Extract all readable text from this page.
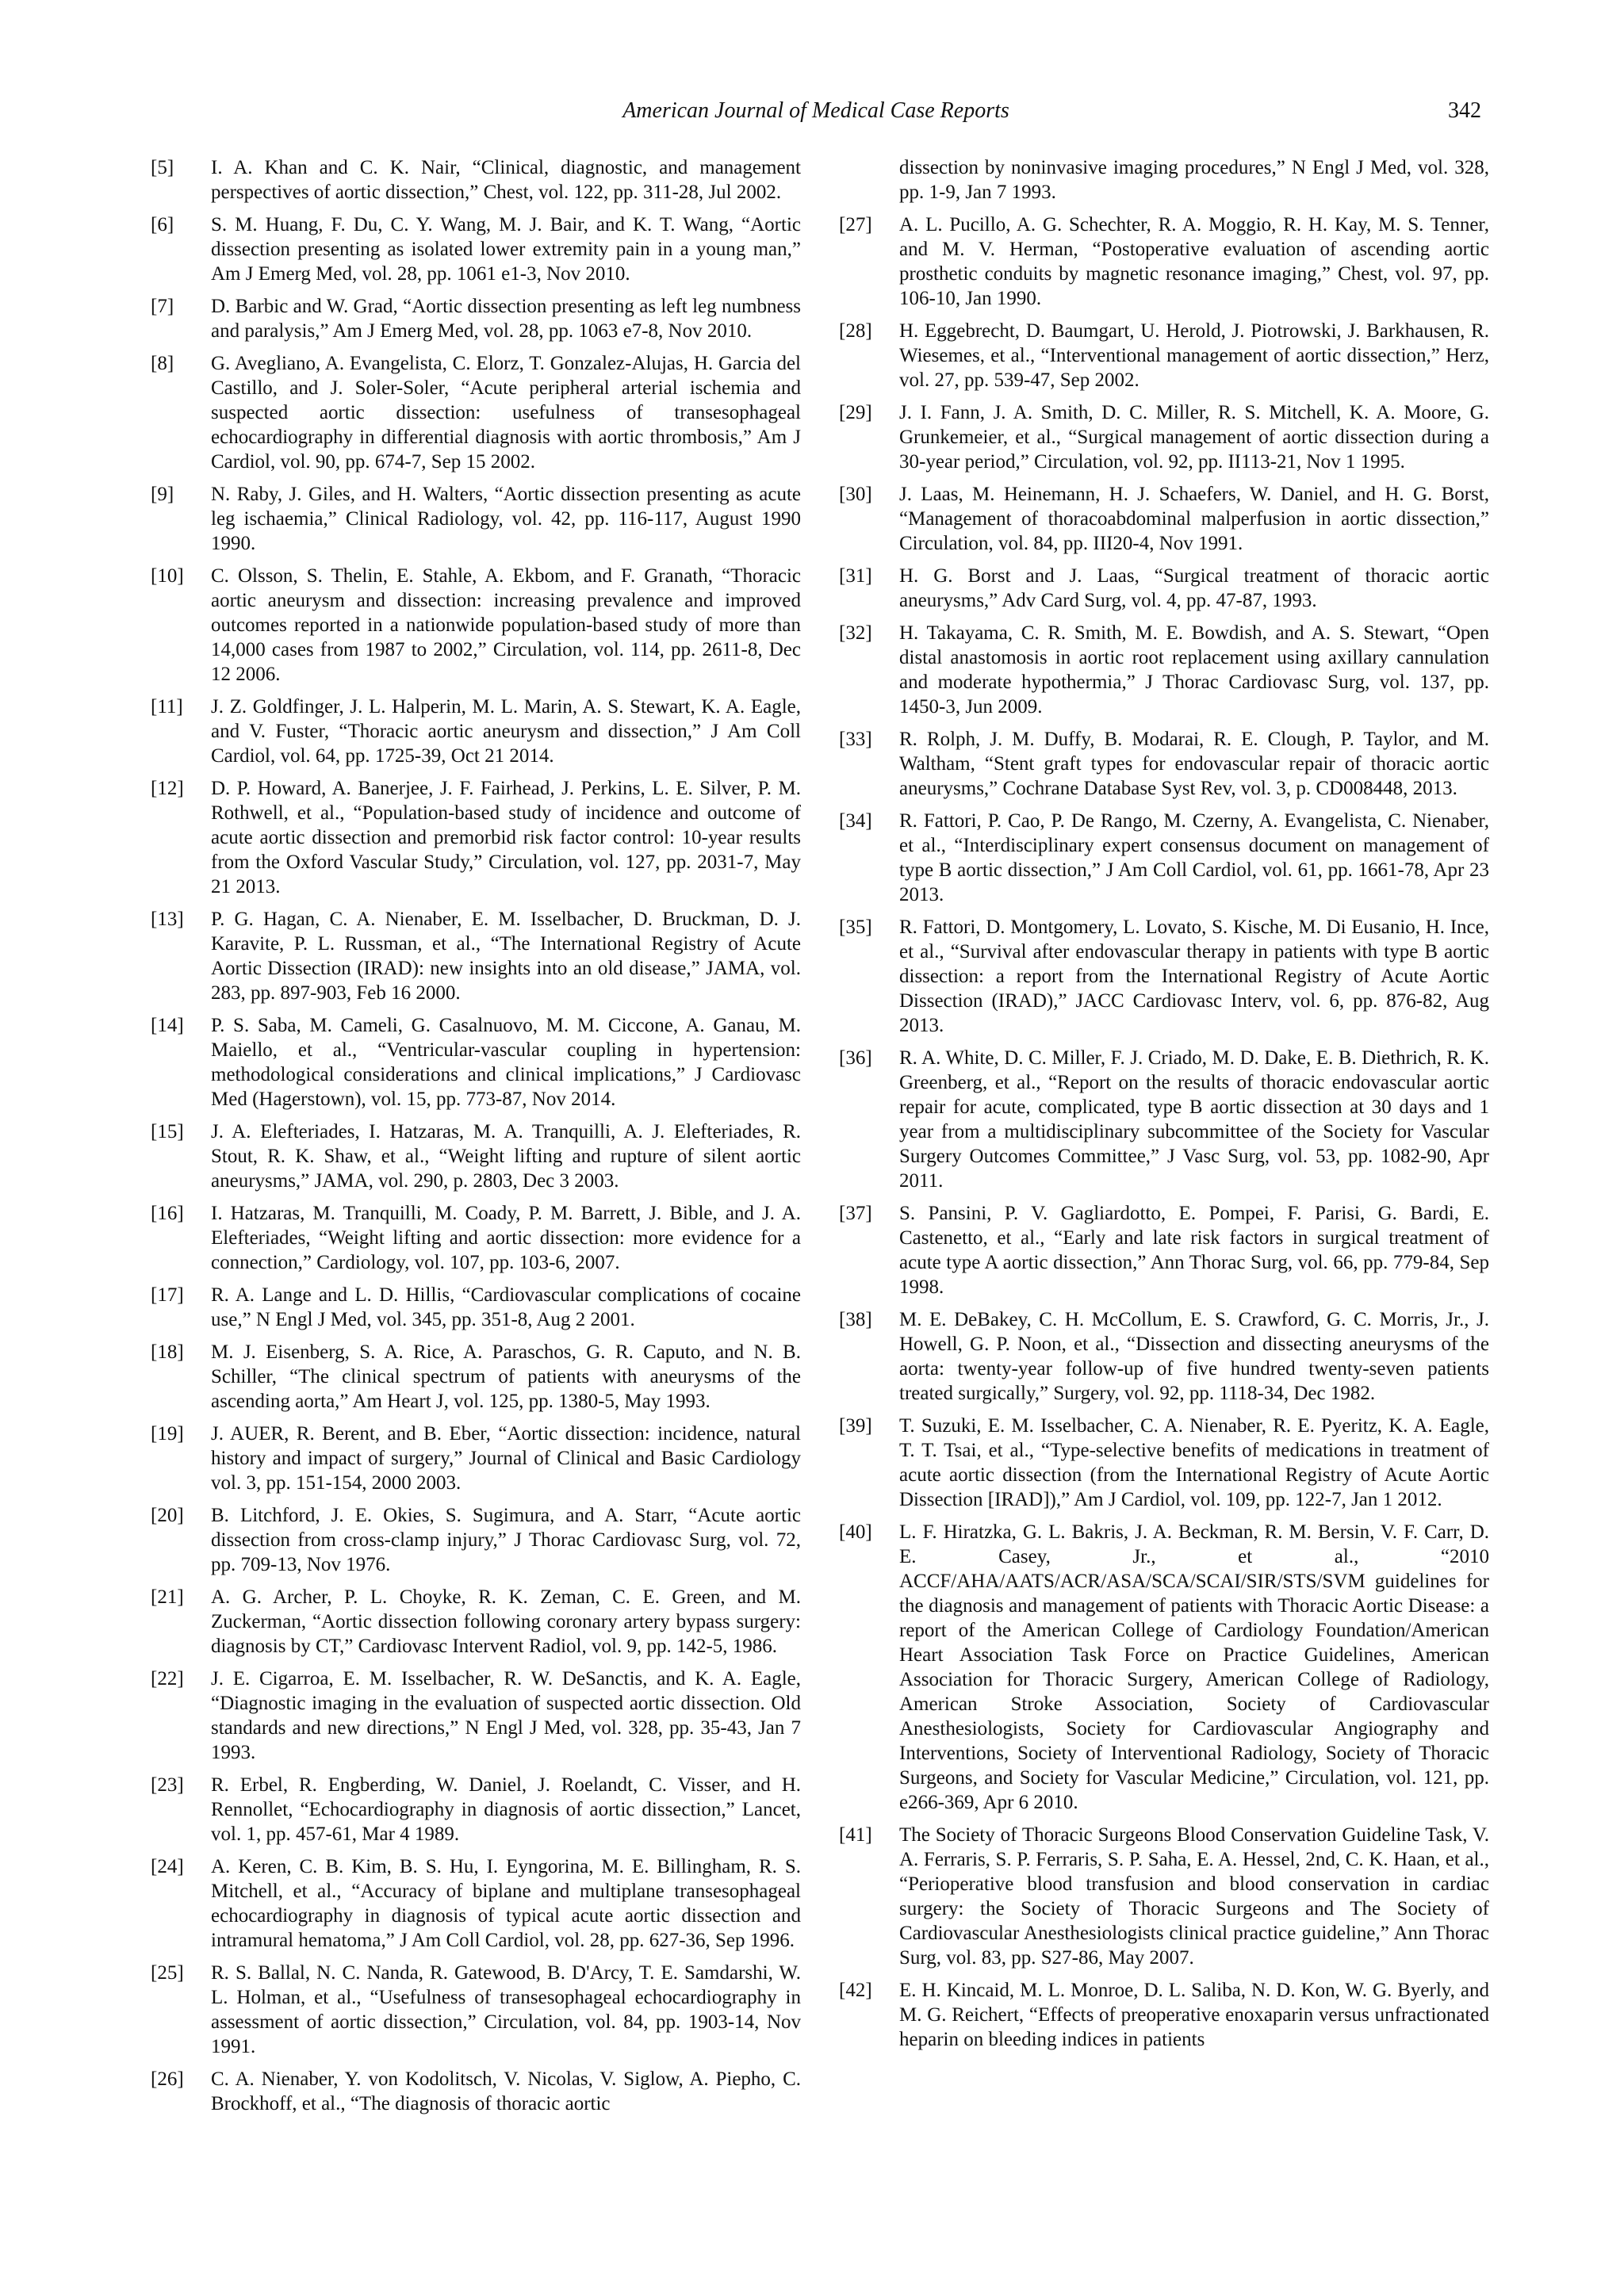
American Journal of Medical Case Reports	342
[5] I. A. Khan and C. K. Nair, “Clinical, diagnostic, and management perspectives of aortic dissection,” Chest, vol. 122, pp. 311-28, Jul 2002.
[6] S. M. Huang, F. Du, C. Y. Wang, M. J. Bair, and K. T. Wang, “Aortic dissection presenting as isolated lower extremity pain in a young man,” Am J Emerg Med, vol. 28, pp. 1061 e1-3, Nov 2010.
[7] D. Barbic and W. Grad, “Aortic dissection presenting as left leg numbness and paralysis,” Am J Emerg Med, vol. 28, pp. 1063 e7-8, Nov 2010.
[8] G. Avegliano, A. Evangelista, C. Elorz, T. Gonzalez-Alujas, H. Garcia del Castillo, and J. Soler-Soler, “Acute peripheral arterial ischemia and suspected aortic dissection: usefulness of transesophageal echocardiography in differential diagnosis with aortic thrombosis,” Am J Cardiol, vol. 90, pp. 674-7, Sep 15 2002.
[9] N. Raby, J. Giles, and H. Walters, “Aortic dissection presenting as acute leg ischaemia,” Clinical Radiology, vol. 42, pp. 116-117, August 1990 1990.
[10] C. Olsson, S. Thelin, E. Stahle, A. Ekbom, and F. Granath, “Thoracic aortic aneurysm and dissection: increasing prevalence and improved outcomes reported in a nationwide population-based study of more than 14,000 cases from 1987 to 2002,” Circulation, vol. 114, pp. 2611-8, Dec 12 2006.
[11] J. Z. Goldfinger, J. L. Halperin, M. L. Marin, A. S. Stewart, K. A. Eagle, and V. Fuster, “Thoracic aortic aneurysm and dissection,” J Am Coll Cardiol, vol. 64, pp. 1725-39, Oct 21 2014.
[12] D. P. Howard, A. Banerjee, J. F. Fairhead, J. Perkins, L. E. Silver, P. M. Rothwell, et al., “Population-based study of incidence and outcome of acute aortic dissection and premorbid risk factor control: 10-year results from the Oxford Vascular Study,” Circulation, vol. 127, pp. 2031-7, May 21 2013.
[13] P. G. Hagan, C. A. Nienaber, E. M. Isselbacher, D. Bruckman, D. J. Karavite, P. L. Russman, et al., “The International Registry of Acute Aortic Dissection (IRAD): new insights into an old disease,” JAMA, vol. 283, pp. 897-903, Feb 16 2000.
[14] P. S. Saba, M. Cameli, G. Casalnuovo, M. M. Ciccone, A. Ganau, M. Maiello, et al., “Ventricular-vascular coupling in hypertension: methodological considerations and clinical implications,” J Cardiovasc Med (Hagerstown), vol. 15, pp. 773-87, Nov 2014.
[15] J. A. Elefteriades, I. Hatzaras, M. A. Tranquilli, A. J. Elefteriades, R. Stout, R. K. Shaw, et al., “Weight lifting and rupture of silent aortic aneurysms,” JAMA, vol. 290, p. 2803, Dec 3 2003.
[16] I. Hatzaras, M. Tranquilli, M. Coady, P. M. Barrett, J. Bible, and J. A. Elefteriades, “Weight lifting and aortic dissection: more evidence for a connection,” Cardiology, vol. 107, pp. 103-6, 2007.
[17] R. A. Lange and L. D. Hillis, “Cardiovascular complications of cocaine use,” N Engl J Med, vol. 345, pp. 351-8, Aug 2 2001.
[18] M. J. Eisenberg, S. A. Rice, A. Paraschos, G. R. Caputo, and N. B. Schiller, “The clinical spectrum of patients with aneurysms of the ascending aorta,” Am Heart J, vol. 125, pp. 1380-5, May 1993.
[19] J. AUER, R. Berent, and B. Eber, “Aortic dissection: incidence, natural history and impact of surgery,” Journal of Clinical and Basic Cardiology vol. 3, pp. 151-154, 2000 2003.
[20] B. Litchford, J. E. Okies, S. Sugimura, and A. Starr, “Acute aortic dissection from cross-clamp injury,” J Thorac Cardiovasc Surg, vol. 72, pp. 709-13, Nov 1976.
[21] A. G. Archer, P. L. Choyke, R. K. Zeman, C. E. Green, and M. Zuckerman, “Aortic dissection following coronary artery bypass surgery: diagnosis by CT,” Cardiovasc Intervent Radiol, vol. 9, pp. 142-5, 1986.
[22] J. E. Cigarroa, E. M. Isselbacher, R. W. DeSanctis, and K. A. Eagle, “Diagnostic imaging in the evaluation of suspected aortic dissection. Old standards and new directions,” N Engl J Med, vol. 328, pp. 35-43, Jan 7 1993.
[23] R. Erbel, R. Engberding, W. Daniel, J. Roelandt, C. Visser, and H. Rennollet, “Echocardiography in diagnosis of aortic dissection,” Lancet, vol. 1, pp. 457-61, Mar 4 1989.
[24] A. Keren, C. B. Kim, B. S. Hu, I. Eyngorina, M. E. Billingham, R. S. Mitchell, et al., “Accuracy of biplane and multiplane transesophageal echocardiography in diagnosis of typical acute aortic dissection and intramural hematoma,” J Am Coll Cardiol, vol. 28, pp. 627-36, Sep 1996.
[25] R. S. Ballal, N. C. Nanda, R. Gatewood, B. D'Arcy, T. E. Samdarshi, W. L. Holman, et al., “Usefulness of transesophageal echocardiography in assessment of aortic dissection,” Circulation, vol. 84, pp. 1903-14, Nov 1991.
[26] C. A. Nienaber, Y. von Kodolitsch, V. Nicolas, V. Siglow, A. Piepho, C. Brockhoff, et al., “The diagnosis of thoracic aortic
dissection by noninvasive imaging procedures,” N Engl J Med, vol. 328, pp. 1-9, Jan 7 1993.
[27] A. L. Pucillo, A. G. Schechter, R. A. Moggio, R. H. Kay, M. S. Tenner, and M. V. Herman, “Postoperative evaluation of ascending aortic prosthetic conduits by magnetic resonance imaging,” Chest, vol. 97, pp. 106-10, Jan 1990.
[28] H. Eggebrecht, D. Baumgart, U. Herold, J. Piotrowski, J. Barkhausen, R. Wiesemes, et al., “Interventional management of aortic dissection,” Herz, vol. 27, pp. 539-47, Sep 2002.
[29] J. I. Fann, J. A. Smith, D. C. Miller, R. S. Mitchell, K. A. Moore, G. Grunkemeier, et al., “Surgical management of aortic dissection during a 30-year period,” Circulation, vol. 92, pp. II113-21, Nov 1 1995.
[30] J. Laas, M. Heinemann, H. J. Schaefers, W. Daniel, and H. G. Borst, “Management of thoracoabdominal malperfusion in aortic dissection,” Circulation, vol. 84, pp. III20-4, Nov 1991.
[31] H. G. Borst and J. Laas, “Surgical treatment of thoracic aortic aneurysms,” Adv Card Surg, vol. 4, pp. 47-87, 1993.
[32] H. Takayama, C. R. Smith, M. E. Bowdish, and A. S. Stewart, “Open distal anastomosis in aortic root replacement using axillary cannulation and moderate hypothermia,” J Thorac Cardiovasc Surg, vol. 137, pp. 1450-3, Jun 2009.
[33] R. Rolph, J. M. Duffy, B. Modarai, R. E. Clough, P. Taylor, and M. Waltham, “Stent graft types for endovascular repair of thoracic aortic aneurysms,” Cochrane Database Syst Rev, vol. 3, p. CD008448, 2013.
[34] R. Fattori, P. Cao, P. De Rango, M. Czerny, A. Evangelista, C. Nienaber, et al., “Interdisciplinary expert consensus document on management of type B aortic dissection,” J Am Coll Cardiol, vol. 61, pp. 1661-78, Apr 23 2013.
[35] R. Fattori, D. Montgomery, L. Lovato, S. Kische, M. Di Eusanio, H. Ince, et al., “Survival after endovascular therapy in patients with type B aortic dissection: a report from the International Registry of Acute Aortic Dissection (IRAD),” JACC Cardiovasc Interv, vol. 6, pp. 876-82, Aug 2013.
[36] R. A. White, D. C. Miller, F. J. Criado, M. D. Dake, E. B. Diethrich, R. K. Greenberg, et al., “Report on the results of thoracic endovascular aortic repair for acute, complicated, type B aortic dissection at 30 days and 1 year from a multidisciplinary subcommittee of the Society for Vascular Surgery Outcomes Committee,” J Vasc Surg, vol. 53, pp. 1082-90, Apr 2011.
[37] S. Pansini, P. V. Gagliardotto, E. Pompei, F. Parisi, G. Bardi, E. Castenetto, et al., “Early and late risk factors in surgical treatment of acute type A aortic dissection,” Ann Thorac Surg, vol. 66, pp. 779-84, Sep 1998.
[38] M. E. DeBakey, C. H. McCollum, E. S. Crawford, G. C. Morris, Jr., J. Howell, G. P. Noon, et al., “Dissection and dissecting aneurysms of the aorta: twenty-year follow-up of five hundred twenty-seven patients treated surgically,” Surgery, vol. 92, pp. 1118-34, Dec 1982.
[39] T. Suzuki, E. M. Isselbacher, C. A. Nienaber, R. E. Pyeritz, K. A. Eagle, T. T. Tsai, et al., “Type-selective benefits of medications in treatment of acute aortic dissection (from the International Registry of Acute Aortic Dissection [IRAD]),” Am J Cardiol, vol. 109, pp. 122-7, Jan 1 2012.
[40] L. F. Hiratzka, G. L. Bakris, J. A. Beckman, R. M. Bersin, V. F. Carr, D. E. Casey, Jr., et al., “2010 ACCF/AHA/AATS/ACR/ASA/SCA/SCAI/SIR/STS/SVM guidelines for the diagnosis and management of patients with Thoracic Aortic Disease: a report of the American College of Cardiology Foundation/American Heart Association Task Force on Practice Guidelines, American Association for Thoracic Surgery, American College of Radiology, American Stroke Association, Society of Cardiovascular Anesthesiologists, Society for Cardiovascular Angiography and Interventions, Society of Interventional Radiology, Society of Thoracic Surgeons, and Society for Vascular Medicine,” Circulation, vol. 121, pp. e266-369, Apr 6 2010.
[41] The Society of Thoracic Surgeons Blood Conservation Guideline Task, V. A. Ferraris, S. P. Ferraris, S. P. Saha, E. A. Hessel, 2nd, C. K. Haan, et al., “Perioperative blood transfusion and blood conservation in cardiac surgery: the Society of Thoracic Surgeons and The Society of Cardiovascular Anesthesiologists clinical practice guideline,” Ann Thorac Surg, vol. 83, pp. S27-86, May 2007.
[42] E. H. Kincaid, M. L. Monroe, D. L. Saliba, N. D. Kon, W. G. Byerly, and M. G. Reichert, “Effects of preoperative enoxaparin versus unfractionated heparin on bleeding indices in patients
